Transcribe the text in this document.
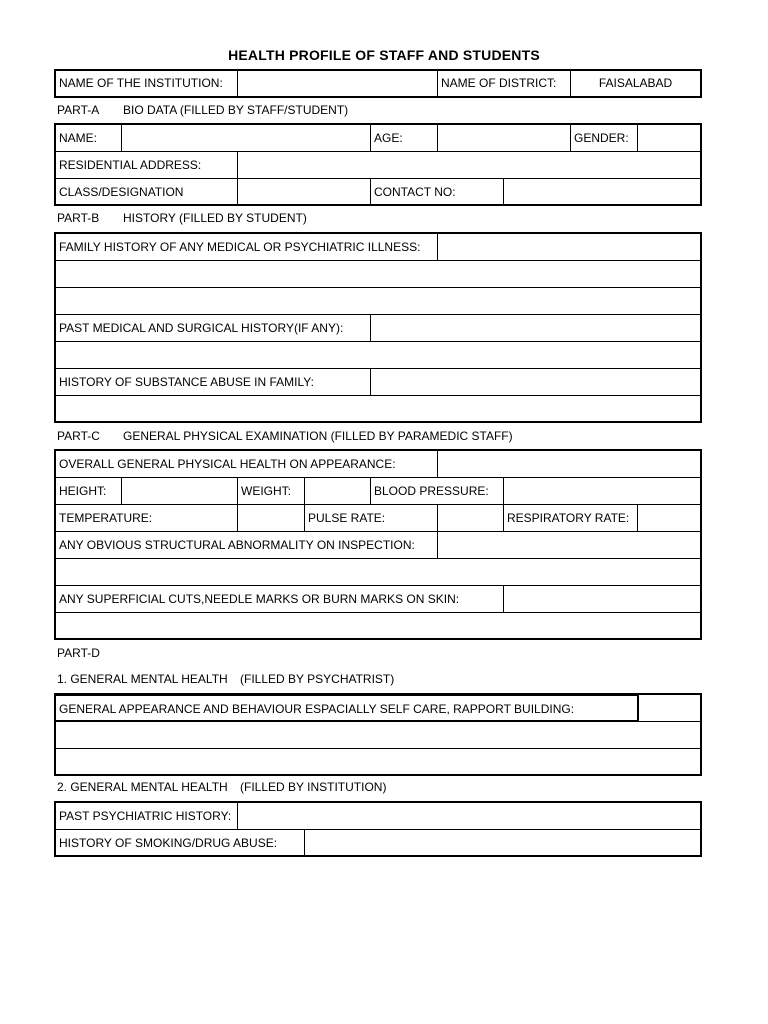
HEALTH PROFILE OF STAFF AND STUDENTS
NAME OF THE INSTITUTION:	NAME OF DISTRICT:	FAISALABAD
PART-A BIO DATA (FILLED BY STAFF/STUDENT)
NAME:	AGE:	GENDER:
RESIDENTIAL ADDRESS:
CLASS/DESIGNATION	CONTACT NO:
PART-B HISTORY (FILLED BY STUDENT)
FAMILY HISTORY OF ANY MEDICAL OR PSYCHIATRIC ILLNESS:
PAST MEDICAL AND SURGICAL HISTORY(IF ANY):
HISTORY OF SUBSTANCE ABUSE IN FAMILY:
PART-C GENERAL PHYSICAL EXAMINATION (FILLED BY PARAMEDIC STAFF)
OVERALL GENERAL PHYSICAL HEALTH ON APPEARANCE:
HEIGHT:	WEIGHT:	BLOOD PRESSURE:
TEMPERATURE:	PULSE RATE:	RESPIRATORY RATE:
ANY OBVIOUS STRUCTURAL ABNORMALITY ON INSPECTION:
ANY SUPERFICIAL CUTS,NEEDLE MARKS OR BURN MARKS ON SKIN:
PART-D
1. GENERAL MENTAL HEALTH (FILLED BY PSYCHATRIST)
GENERAL APPEARANCE AND BEHAVIOUR ESPACIALLY SELF CARE, RAPPORT BUILDING:
2. GENERAL MENTAL HEALTH (FILLED BY INSTITUTION)
PAST PSYCHIATRIC HISTORY:
HISTORY OF SMOKING/DRUG ABUSE:
